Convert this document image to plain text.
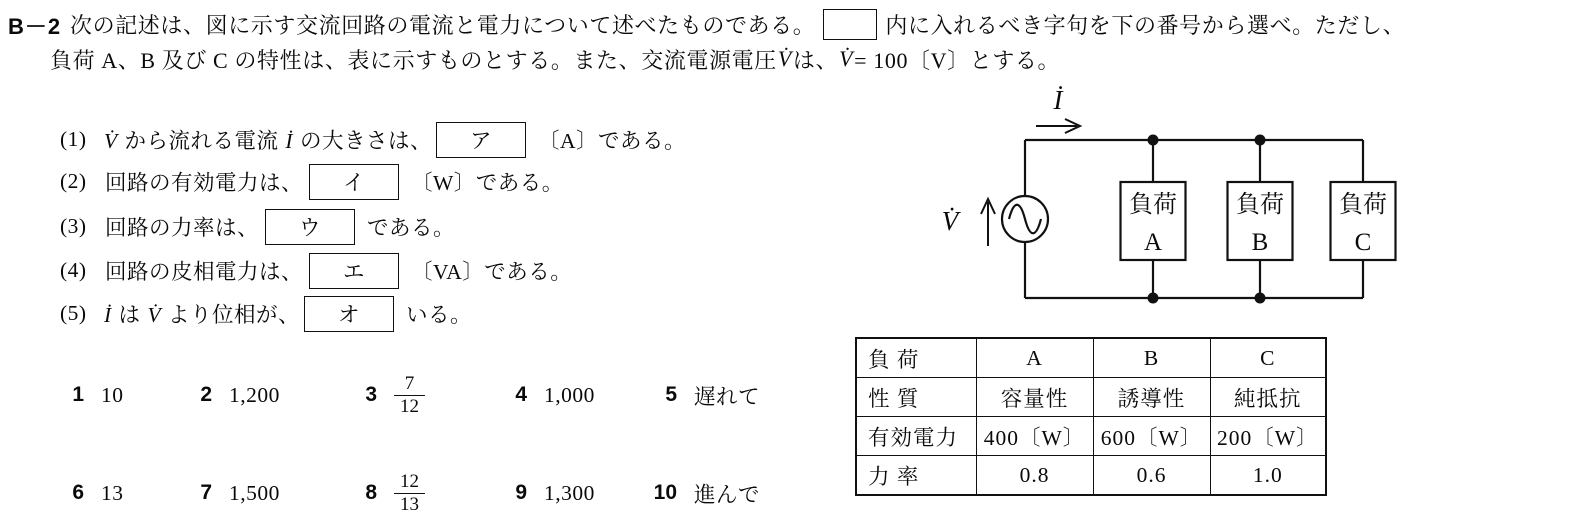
B－2 次の記述は、図に示す交流回路の電流と電力について述べたものである。	内に入れるべき字句を下の番号から選べ。ただし、
負荷 A、B 及び C の特性は、表に示すものとする。また、交流電源電圧 V̇ は、 V̇ = 100〔V〕とする。
(1) V̇ から流れる電流 İ の大きさは、	ア	〔A〕である。
(2) 回路の有効電力は、	イ	〔W〕である。
(3) 回路の力率は、	ウ	である。
(4) 回路の皮相電力は、	エ	〔VA〕である。
(5) İ は V̇ より位相が、	オ	いる。
1 10	2 1,200	$3 \frac{7}{12}$	4 1,000	5 遅れて
6 13	7 1,500	$8 \frac{12}{13}$	9 1,300	10 進んで
İ
V̇
負荷
A
負荷
B
負荷
C
負 荷	A	B	C
性 質	容量性	誘導性	純抵抗
有効電力	400〔W〕	600〔W〕	200〔W〕
力 率	0.8	0.6	1.0
